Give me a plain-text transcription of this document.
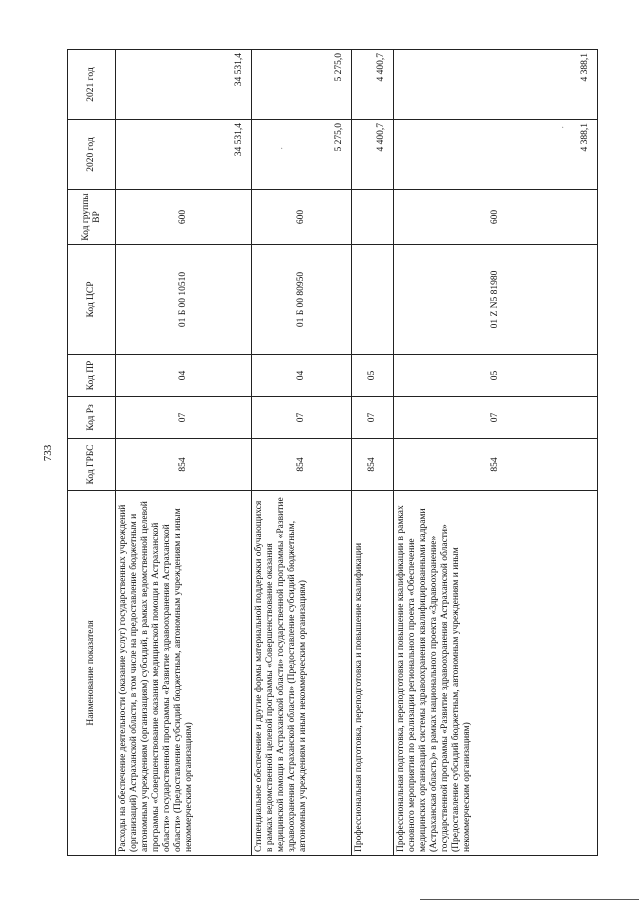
733
Наименование показателя	Код ГРБС	Код Рз	Код ПР	Код ЦСР	Код группы ВР	2020 год	2021 год
Расходы на обеспечение деятельности (оказание услуг) государственных учреждений (организаций) Астраханской области, в том числе на предоставление бюджетным и автономным учреждениям (организациям) субсидий, в рамках ведомственной целевой программы «Совершенствование оказания медицинской помощи в Астраханской области» государственной программы «Развитие здравоохранения Астраханской области» (Предоставление субсидий бюджетным, автономным учреждениям и иным некоммерческим организациям)	854	07	04	01 Б 00 10510	600	34 531,4	34 531,4
Стипендиальное обеспечение и другие формы материальной поддержки обучающихся в рамках ведомственной целевой программы «Совершенствование оказания медицинской помощи в Астраханской области» государственной программы «Развитие здравоохранения Астраханской области» (Предоставление субсидий бюджетным, автономным учреждениям и иным некоммерческим организациям)	854	07	04	01 Б 00 80950	600	5 275,0	5 275,0
Профессиональная подготовка, переподготовка и повышение квалификации	854	07	05			4 400,7	4 400,7
Профессиональная подготовка, переподготовка и повышение квалификации в рамках основного мероприятия по реализации регионального проекта «Обеспечение медицинских организаций системы здравоохранения квалифицированными кадрами (Астраханская область)» в рамках национального проекта «Здравоохранение» государственной программы «Развитие здравоохранения Астраханской области» (Предоставление субсидий бюджетным, автономным учреждениям и иным некоммерческим организациям)	854	07	05	01 Z N5 81980	600	4 388,1	4 388,1
·
·
